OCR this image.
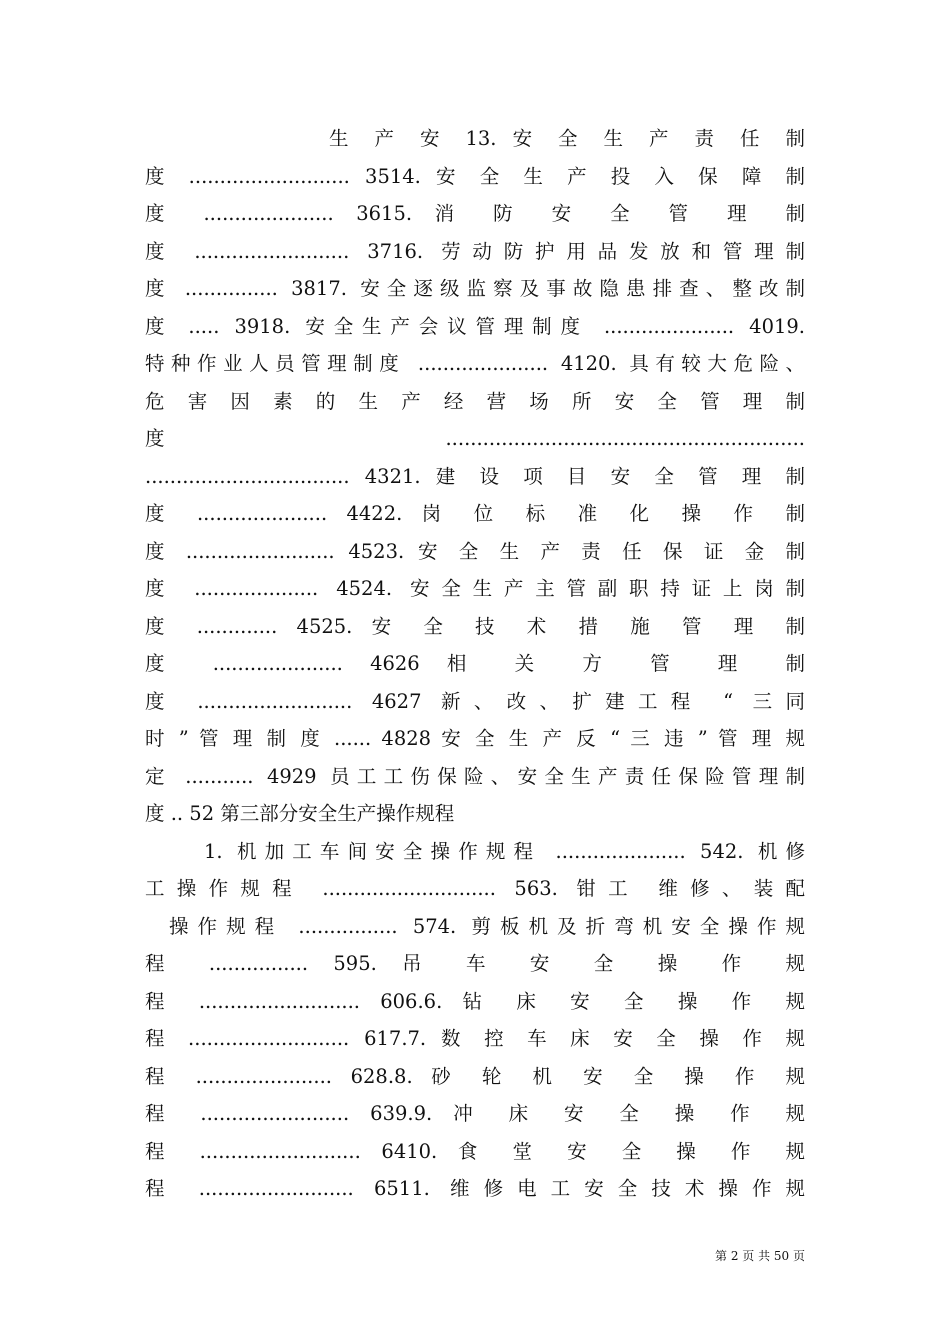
生 产 安 13. 安 全 生 产 责 任 制
度 .......................... 3514. 安 全 生 产 投 入 保 障 制
度 ..................... 3615. 消 防 安 全 管 理 制
度 ......................... 3716. 劳动防护用品发放和管理制
度 ............... 3817. 安全逐级监察及事故隐患排查、整改制
度 ..... 3918. 安全生产会议管理制度 ..................... 4019.
特种作业人员管理制度 ..................... 4120. 具有较大危险、
危 害 因 素 的 生 产 经 营 场 所 安 全 管 理 制
度 ..........................................................
................................. 4321. 建 设 项 目 安 全 管 理 制
度 ..................... 4422. 岗 位 标 准 化 操 作 制
度 ........................ 4523. 安 全 生 产 责 任 保 证 金 制
度 .................... 4524. 安全生产主管副职持证上岗制
度 ............. 4525. 安 全 技 术 措 施 管 理 制
度 ..................... 4626 相 关 方 管 理 制
度 ......................... 4627 新、改、扩建工程 “ 三同
时 ” 管 理 制 度 ...... 4828 安 全 生 产 反 “ 三 违 ” 管 理 规
定 ........... 4929 员工工伤保险、安全生产责任保险管理制
度 .. 52 第三部分安全生产操作规程
1. 机加工车间安全操作规程 ..................... 542. 机修
工操作规程 ............................ 563. 钳工 维修、装配
操作规程 ................ 574. 剪板机及折弯机安全操作规
程 ................ 595. 吊 车 安 全 操 作 规
程 .......................... 606.6. 钻 床 安 全 操 作 规
程 .......................... 617.7. 数 控 车 床 安 全 操 作 规
程 ...................... 628.8. 砂 轮 机 安 全 操 作 规
程 ........................ 639.9. 冲 床 安 全 操 作 规
程 .......................... 6410. 食 堂 安 全 操 作 规
程 ......................... 6511. 维修电工安全技术操作规
第 2 页 共 50 页
